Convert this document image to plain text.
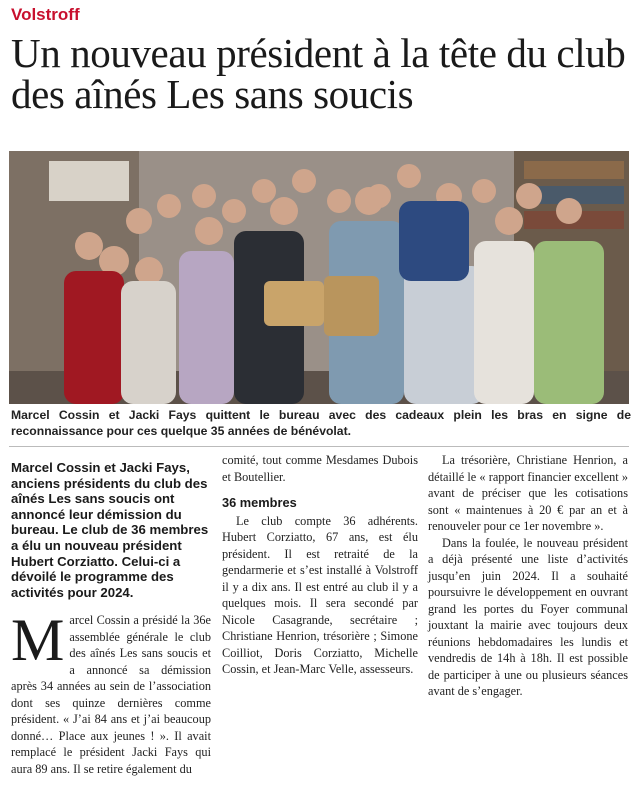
Volstroff
Un nouveau président à la tête du club des aînés Les sans soucis

Marcel Cossin et Jacki Fays quittent le bureau avec des cadeaux plein les bras en signe de reconnaissance pour ces quelque 35 années de bénévolat.

Marcel Cossin et Jacki Fays, anciens présidents du club des aînés Les sans soucis ont annoncé leur démission du bureau. Le club de 36 membres a élu un nouveau président Hubert Corziatto. Celui-ci a dévoilé le programme des activités pour 2024.

M arcel Cossin a présidé la 36e assemblée générale le club des aînés Les sans soucis et a annoncé sa démission après 34 années au sein de l’association dont ses quinze dernières comme président. « J’ai 84 ans et j’ai beaucoup donné… Place aux jeunes ! ». Il avait remplacé le président Jacki Fays qui aura 89 ans. Il se retire également du

comité, tout comme Mesdames Dubois et Boutellier.

36 membres

Le club compte 36 adhérents. Hubert Corziatto, 67 ans, est élu président. Il est retraité de la gendarmerie et s’est installé à Volstroff il y a dix ans. Il est entré au club il y a quelques mois. Il sera secondé par Nicole Casagrande, secrétaire ; Christiane Henrion, trésorière ; Simone Coilliot, Doris Corziatto, Michelle Cossin, et Jean-Marc Velle, assesseurs.

La trésorière, Christiane Henrion, a détaillé le « rapport financier excellent » avant de préciser que les cotisations sont « maintenues à 20 € par an et à renouveler pour ce 1er novembre ».

Dans la foulée, le nouveau président a déjà présenté une liste d’activités jusqu’en juin 2024. Il a souhaité poursuivre le développement en ouvrant grand les portes du Foyer communal jouxtant la mairie avec toujours deux réunions hebdomadaires les lundis et vendredis de 14h à 18h. Il est possible de participer à une ou plusieurs séances avant de s’engager.
